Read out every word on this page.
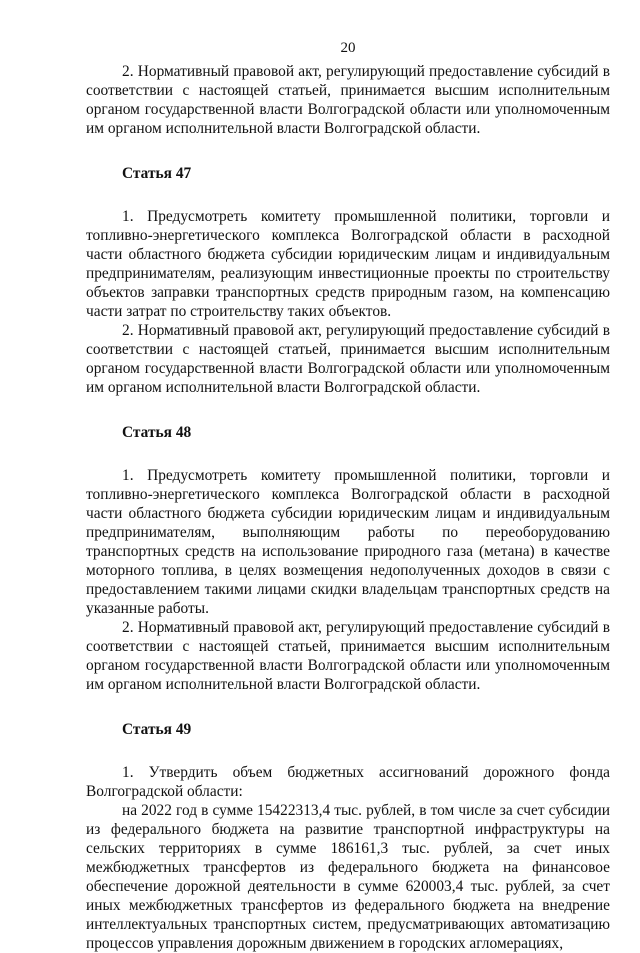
20

2. Нормативный правовой акт, регулирующий предоставление субсидий в соответствии с настоящей статьей, принимается высшим исполнительным органом государственной власти Волгоградской области или уполномоченным им органом исполнительной власти Волгоградской области.

Статья 47

1. Предусмотреть комитету промышленной политики, торговли и топливно-энергетического комплекса Волгоградской области в расходной части областного бюджета субсидии юридическим лицам и индивидуальным предпринимателям, реализующим инвестиционные проекты по строительству объектов заправки транспортных средств природным газом, на компенсацию части затрат по строительству таких объектов.

2. Нормативный правовой акт, регулирующий предоставление субсидий в соответствии с настоящей статьей, принимается высшим исполнительным органом государственной власти Волгоградской области или уполномоченным им органом исполнительной власти Волгоградской области.

Статья 48

1. Предусмотреть комитету промышленной политики, торговли и топливно-энергетического комплекса Волгоградской области в расходной части областного бюджета субсидии юридическим лицам и индивидуальным предпринимателям, выполняющим работы по переоборудованию транспортных средств на использование природного газа (метана) в качестве моторного топлива, в целях возмещения недополученных доходов в связи с предоставлением такими лицами скидки владельцам транспортных средств на указанные работы.

2. Нормативный правовой акт, регулирующий предоставление субсидий в соответствии с настоящей статьей, принимается высшим исполнительным органом государственной власти Волгоградской области или уполномоченным им органом исполнительной власти Волгоградской области.

Статья 49

1. Утвердить объем бюджетных ассигнований дорожного фонда Волгоградской области:

на 2022 год в сумме 15422313,4 тыс. рублей, в том числе за счет субсидии из федерального бюджета на развитие транспортной инфраструктуры на сельских территориях в сумме 186161,3 тыс. рублей, за счет иных межбюджетных трансфертов из федерального бюджета на финансовое обеспечение дорожной деятельности в сумме 620003,4 тыс. рублей, за счет иных межбюджетных трансфертов из федерального бюджета на внедрение интеллектуальных транспортных систем, предусматривающих автоматизацию процессов управления дорожным движением в городских агломерациях,
